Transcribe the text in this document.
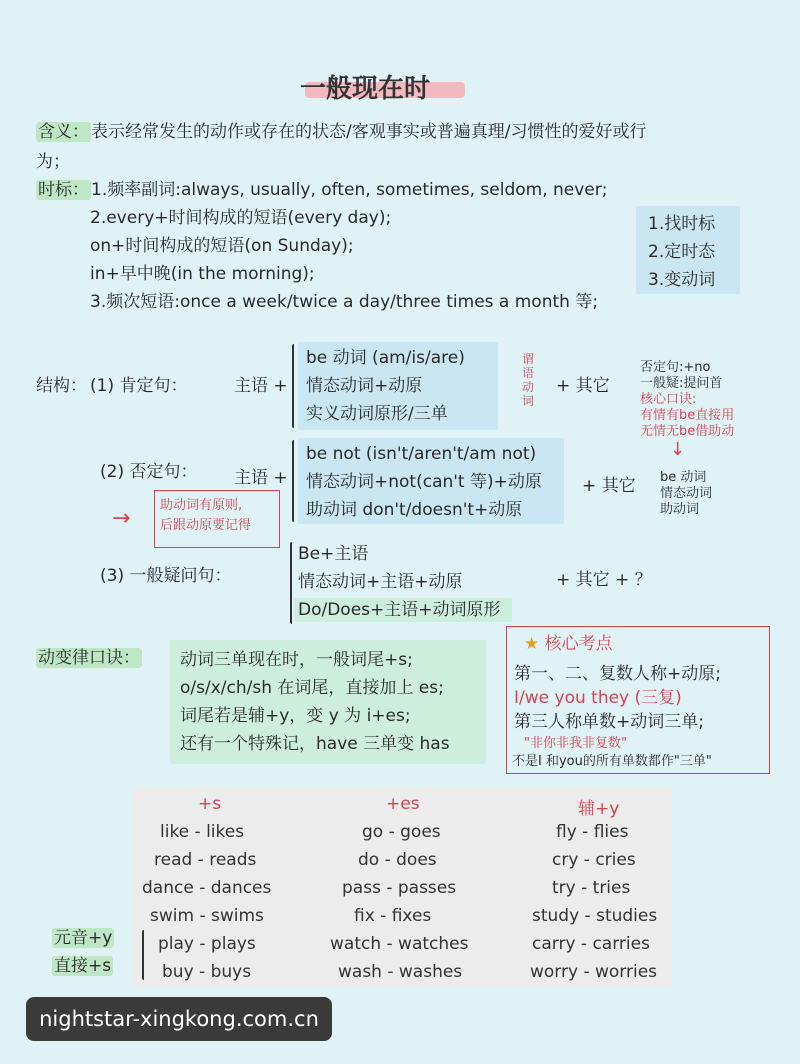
一般现在时
含义： 表示经常发生的动作或存在的状态/客观事实或普遍真理/习惯性的爱好或行
为；
时标： 1.频率副词:always, usually, often, sometimes, seldom, never;
2.every+时间构成的短语(every day);
on+时间构成的短语(on Sunday);
in+早中晚(in the morning);
3.频次短语:once a week/twice a day/three times a month 等;
1.找时标
2.定时态
3.变动词
结构： (1) 肯定句：	主语 +
be 动词 (am/is/are)
情态动词+动原
实义动词原形/三单
谓语动词
+ 其它
否定句:+no
一般疑:提问首
核心口诀:
有情有be直接用
无情无be借助动
↓
be 动词
情态动词
助动词
(2) 否定句： 主语 +
be not (isn't/aren't/am not)
情态动词+not(can't 等)+动原
助动词 don't/doesn't+动原
+ 其它
助动词有原则,
后跟动原要记得
→
(3) 一般疑问句：
Be+主语
情态动词+主语+动原
Do/Does+主语+动词原形
+ 其它 + ？
动变律口诀： 动词三单现在时，一般词尾+s;
o/s/x/ch/sh 在词尾，直接加上 es;
词尾若是辅+y，变 y 为 i+es;
还有一个特殊记，have 三单变 has
★ 核心考点
第一、二、复数人称+动原;
I/we you they (三复)
第三人称单数+动词三单;
"非你非我非复数"
不是I 和you的所有单数都作"三单"
+s	+es	辅+y
like - likes	go - goes	fly - flies
read - reads	do - does	cry - cries
dance - dances	pass - passes	try - tries
swim - swims	fix - fixes	study - studies
play - plays	watch - watches	carry - carries
buy - buys	wash - washes	worry - worries
元音+y
直接+s
nightstar-xingkong.com.cn
